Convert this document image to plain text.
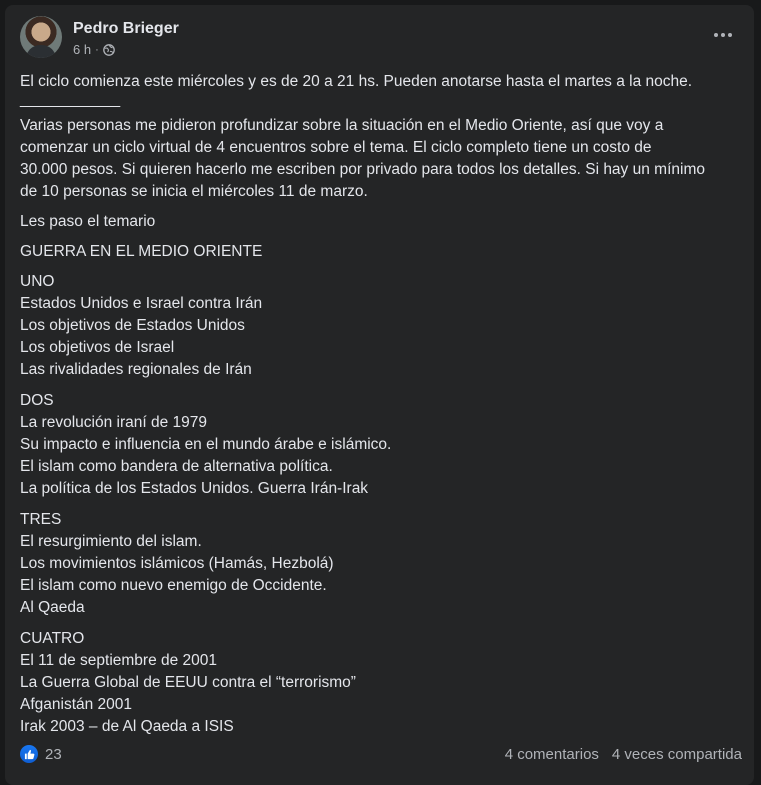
Pedro Brieger
6 h ·

El ciclo comienza este miércoles y es de 20 a 21 hs. Pueden anotarse hasta el martes a la noche.

_____________

Varias personas me pidieron profundizar sobre la situación en el Medio Oriente, así que voy a

comenzar un ciclo virtual de 4 encuentros sobre el tema. El ciclo completo tiene un costo de

30.000 pesos. Si quieren hacerlo me escriben por privado para todos los detalles. Si hay un mínimo

de 10 personas se inicia el miércoles 11 de marzo.

Les paso el temario

GUERRA EN EL MEDIO ORIENTE

UNO

Estados Unidos e Israel contra Irán

Los objetivos de Estados Unidos

Los objetivos de Israel

Las rivalidades regionales de Irán

DOS

La revolución iraní de 1979

Su impacto e influencia en el mundo árabe e islámico.

El islam como bandera de alternativa política.

La política de los Estados Unidos. Guerra Irán-Irak

TRES

El resurgimiento del islam.

Los movimientos islámicos (Hamás, Hezbolá)

El islam como nuevo enemigo de Occidente.

Al Qaeda

CUATRO

El 11 de septiembre de 2001

La Guerra Global de EEUU contra el “terrorismo”

Afganistán 2001

Irak 2003 – de Al Qaeda a ISIS

23	4 comentarios 4 veces compartida
